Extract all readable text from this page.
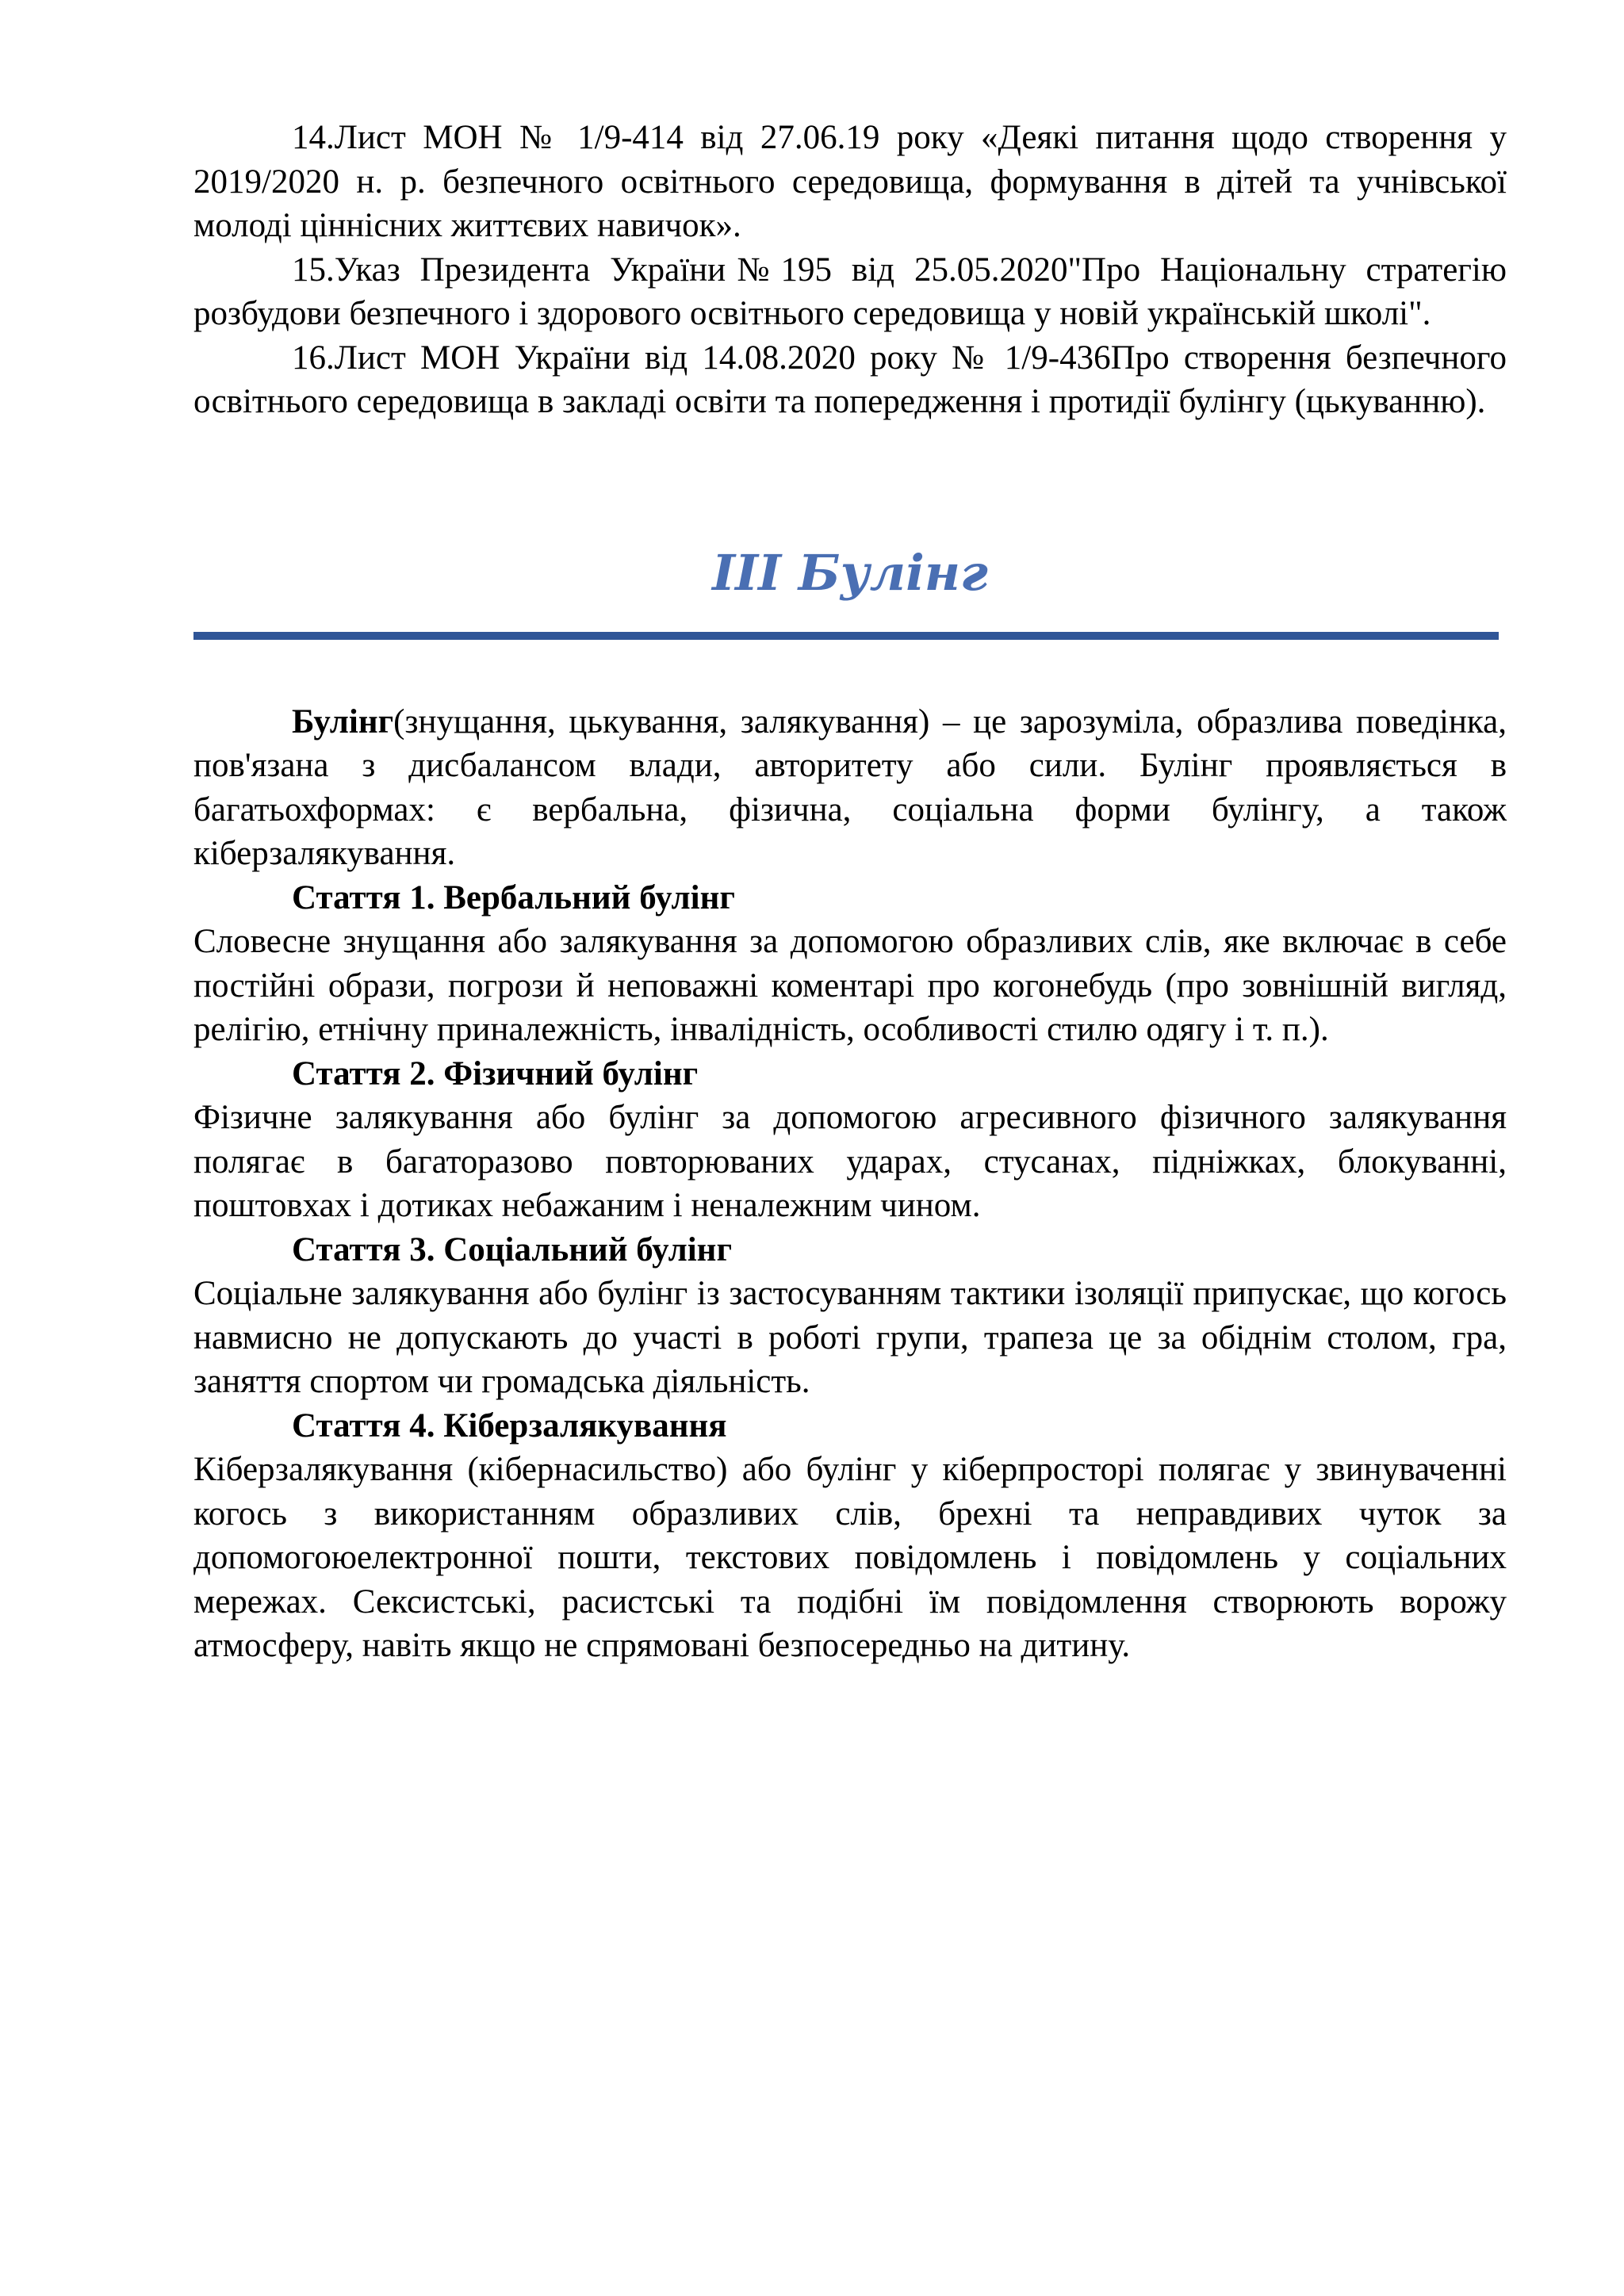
14.Лист МОН № 1/9-414 від 27.06.19 року «Деякі питання щодо створення у 2019/2020 н. р. безпечного освітнього середовища, формування в дітей та учнівської молоді ціннісних життєвих навичок».

15.Указ Президента України№195 від 25.05.2020"Про Національну стратегію розбудови безпечного і здорового освітнього середовища у новій українській школі".

16.Лист МОН України від 14.08.2020 року № 1/9-436Про створення безпечного освітнього середовища в закладі освіти та попередження і протидії булінгу (цькуванню).

III Булінг

Булінг(знущання, цькування, залякування) – це зарозуміла, образлива поведінка, пов'язана з дисбалансом влади, авторитету або сили. Булінг проявляється в багатьохформах: є вербальна, фізична, соціальна форми булінгу, а також кіберзалякування.

Стаття 1. Вербальний булінг

Словесне знущання або залякування за допомогою образливих слів, яке включає в себе постійні образи, погрози й неповажні коментарі про когонебудь (про зовнішній вигляд, релігію, етнічну приналежність, інвалідність, особливості стилю одягу і т. п.).

Стаття 2. Фізичний булінг

Фізичне залякування або булінг за допомогою агресивного фізичного залякування полягає в багаторазово повторюваних ударах, стусанах, підніжках, блокуванні, поштовхах і дотиках небажаним і неналежним чином.

Стаття 3. Соціальний булінг

Соціальне залякування або булінг із застосуванням тактики ізоляції припускає, що когось навмисно не допускають до участі в роботі групи, трапеза це за обіднім столом, гра, заняття спортом чи громадська діяльність.

Стаття 4. Кіберзалякування

Кіберзалякування (кібернасильство) або булінг у кіберпросторі полягає у звинуваченні когось з використанням образливих слів, брехні та неправдивих чуток за допомогоюелектронної пошти, текстових повідомлень і повідомлень у соціальних мережах. Сексистські, расистські та подібні їм повідомлення створюють ворожу атмосферу, навіть якщо не спрямовані безпосередньо на дитину.
